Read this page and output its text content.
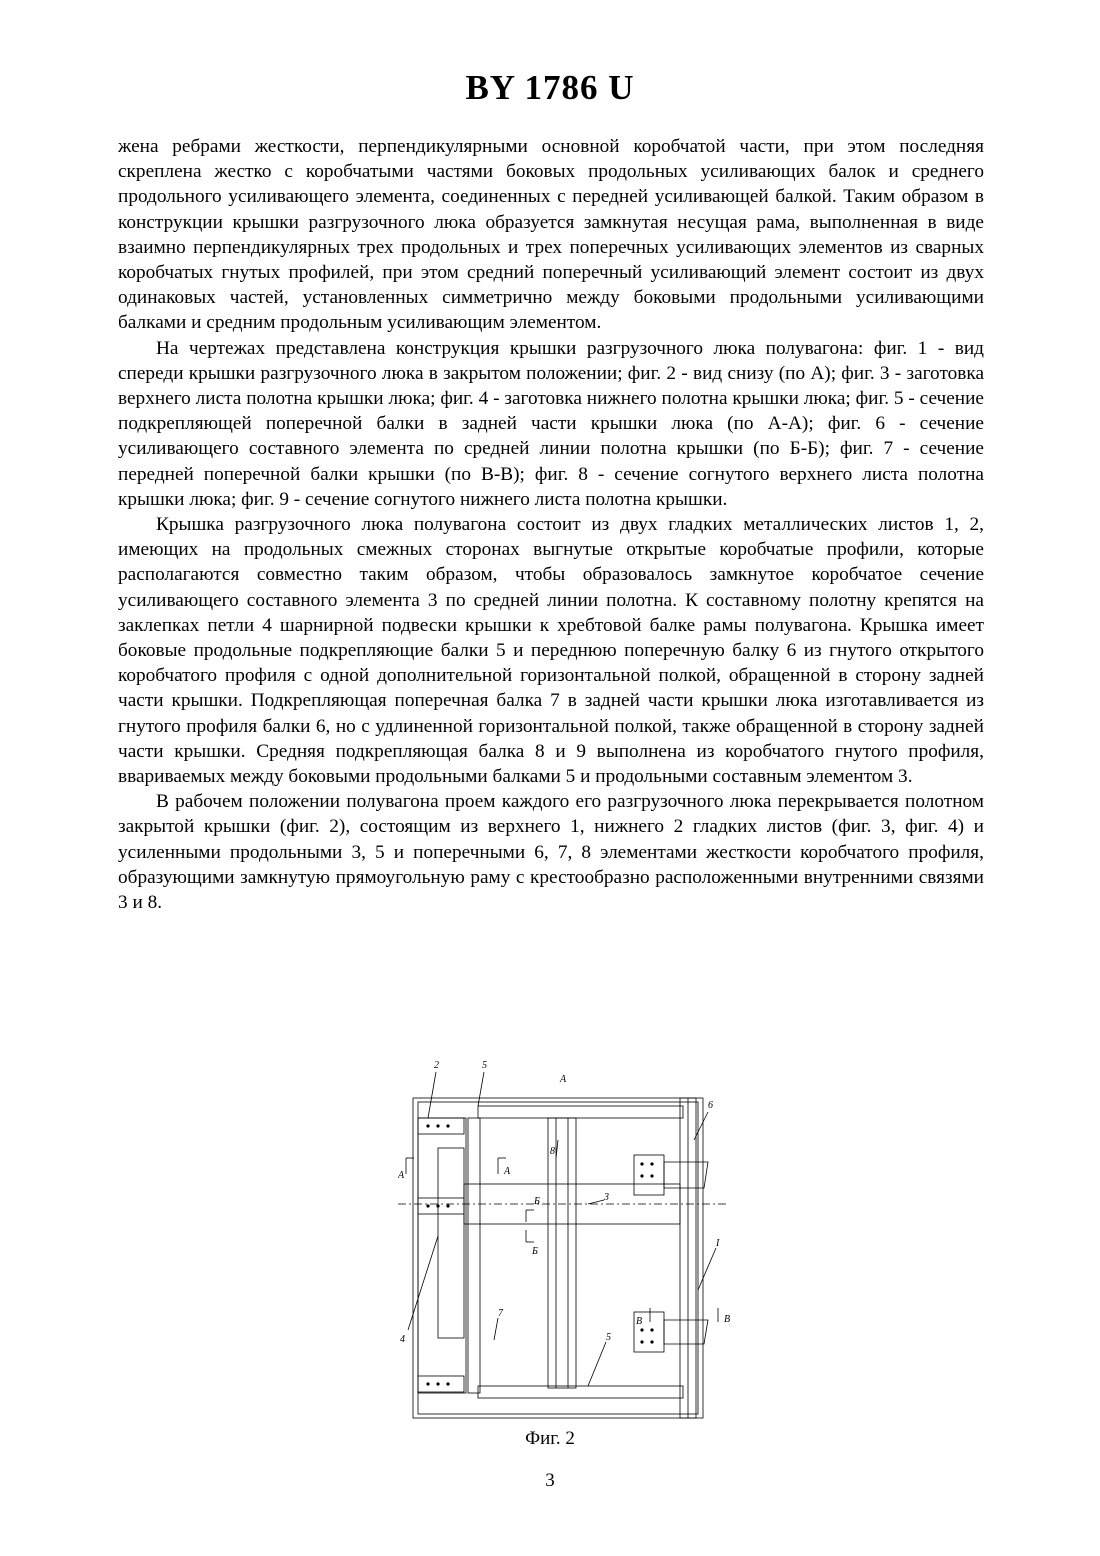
BY 1786 U

жена ребрами жесткости, перпендикулярными основной коробчатой части, при этом последняя скреплена жестко с коробчатыми частями боковых продольных усиливающих балок и среднего продольного усиливающего элемента, соединенных с передней усиливающей балкой. Таким образом в конструкции крышки разгрузочного люка образуется замкнутая несущая рама, выполненная в виде взаимно перпендикулярных трех продольных и трех поперечных усиливающих элементов из сварных коробчатых гнутых профилей, при этом средний поперечный усиливающий элемент состоит из двух одинаковых частей, установленных симметрично между боковыми продольными усиливающими балками и средним продольным усиливающим элементом.

На чертежах представлена конструкция крышки разгрузочного люка полувагона: фиг. 1 - вид спереди крышки разгрузочного люка в закрытом положении; фиг. 2 - вид снизу (по А); фиг. 3 - заготовка верхнего листа полотна крышки люка; фиг. 4 - заготовка нижнего полотна крышки люка; фиг. 5 - сечение подкрепляющей поперечной балки в задней части крышки люка (по А-А); фиг. 6 - сечение усиливающего составного элемента по средней линии полотна крышки (по Б-Б); фиг. 7 - сечение передней поперечной балки крышки (по В-В); фиг. 8 - сечение согнутого верхнего листа полотна крышки люка; фиг. 9 - сечение согнутого нижнего листа полотна крышки.

Крышка разгрузочного люка полувагона состоит из двух гладких металлических листов 1, 2, имеющих на продольных смежных сторонах выгнутые открытые коробчатые профили, которые располагаются совместно таким образом, чтобы образовалось замкнутое коробчатое сечение усиливающего составного элемента 3 по средней линии полотна. К составному полотну крепятся на заклепках петли 4 шарнирной подвески крышки к хребтовой балке рамы полувагона. Крышка имеет боковые продольные подкрепляющие балки 5 и переднюю поперечную балку 6 из гнутого открытого коробчатого профиля с одной дополнительной горизонтальной полкой, обращенной в сторону задней части крышки. Подкрепляющая поперечная балка 7 в задней части крышки люка изготавливается из гнутого профиля балки 6, но с удлиненной горизонтальной полкой, также обращенной в сторону задней части крышки. Средняя подкрепляющая балка 8 и 9 выполнена из коробчатого гнутого профиля, ввариваемых между боковыми продольными балками 5 и продольными составным элементом 3.

В рабочем положении полувагона проем каждого его разгрузочного люка перекрывается полотном закрытой крышки (фиг. 2), состоящим из верхнего 1, нижнего 2 гладких листов (фиг. 3, фиг. 4) и усиленными продольными 3, 5 и поперечными 6, 7, 8 элементами жесткости коробчатого профиля, образующими замкнутую прямоугольную раму с крестообразно расположенными внутренними связями 3 и 8.

2	5
А
6
А	А
8
Б	3
I
Б
4
7
5
В	В
Фиг. 2
3
